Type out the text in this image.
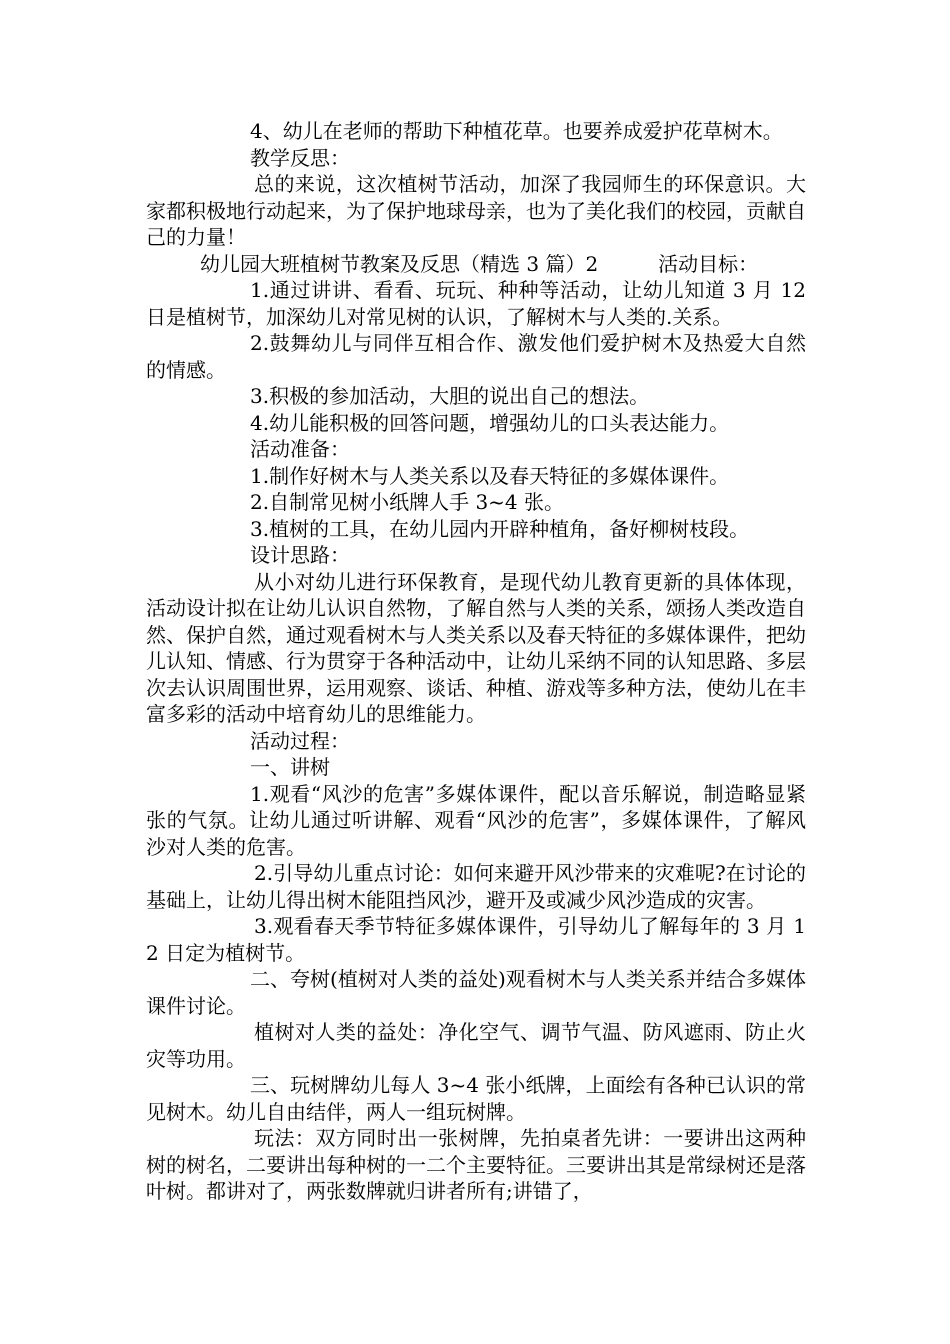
4、幼儿在老师的帮助下种植花草。也要养成爱护花草树木。

教学反思：

总的来说，这次植树节活动，加深了我园师生的环保意识。大家都积极地行动起来，为了保护地球母亲，也为了美化我们的校园，贡献自己的力量！

幼儿园大班植树节教案及反思（精选 3 篇）2　　　活动目标：

1.通过讲讲、看看、玩玩、种种等活动，让幼儿知道 3 月 12 日是植树节，加深幼儿对常见树的认识，了解树木与人类的.关系。

2.鼓舞幼儿与同伴互相合作、激发他们爱护树木及热爱大自然的情感。

3.积极的参加活动，大胆的说出自己的想法。

4.幼儿能积极的回答问题，增强幼儿的口头表达能力。

活动准备：

1.制作好树木与人类关系以及春天特征的多媒体课件。

2.自制常见树小纸牌人手 3~4 张。

3.植树的工具，在幼儿园内开辟种植角，备好柳树枝段。

设计思路：

从小对幼儿进行环保教育，是现代幼儿教育更新的具体体现，活动设计拟在让幼儿认识自然物，了解自然与人类的关系，颂扬人类改造自然、保护自然，通过观看树木与人类关系以及春天特征的多媒体课件，把幼儿认知、情感、行为贯穿于各种活动中，让幼儿采纳不同的认知思路、多层次去认识周围世界，运用观察、谈话、种植、游戏等多种方法，使幼儿在丰富多彩的活动中培育幼儿的思维能力。

活动过程：

一、讲树

1.观看“风沙的危害”多媒体课件，配以音乐解说，制造略显紧张的气氛。让幼儿通过听讲解、观看“风沙的危害”，多媒体课件，了解风沙对人类的危害。

2.引导幼儿重点讨论：如何来避开风沙带来的灾难呢?在讨论的基础上，让幼儿得出树木能阻挡风沙，避开及或减少风沙造成的灾害。

3.观看春天季节特征多媒体课件，引导幼儿了解每年的 3 月 12 日定为植树节。

二、夸树(植树对人类的益处)观看树木与人类关系并结合多媒体课件讨论。

植树对人类的益处：净化空气、调节气温、防风遮雨、防止火灾等功用。

三、玩树牌幼儿每人 3~4 张小纸牌，上面绘有各种已认识的常见树木。幼儿自由结伴，两人一组玩树牌。

玩法：双方同时出一张树牌，先拍桌者先讲：一要讲出这两种树的树名，二要讲出每种树的一二个主要特征。三要讲出其是常绿树还是落叶树。都讲对了，两张数牌就归讲者所有;讲错了，
